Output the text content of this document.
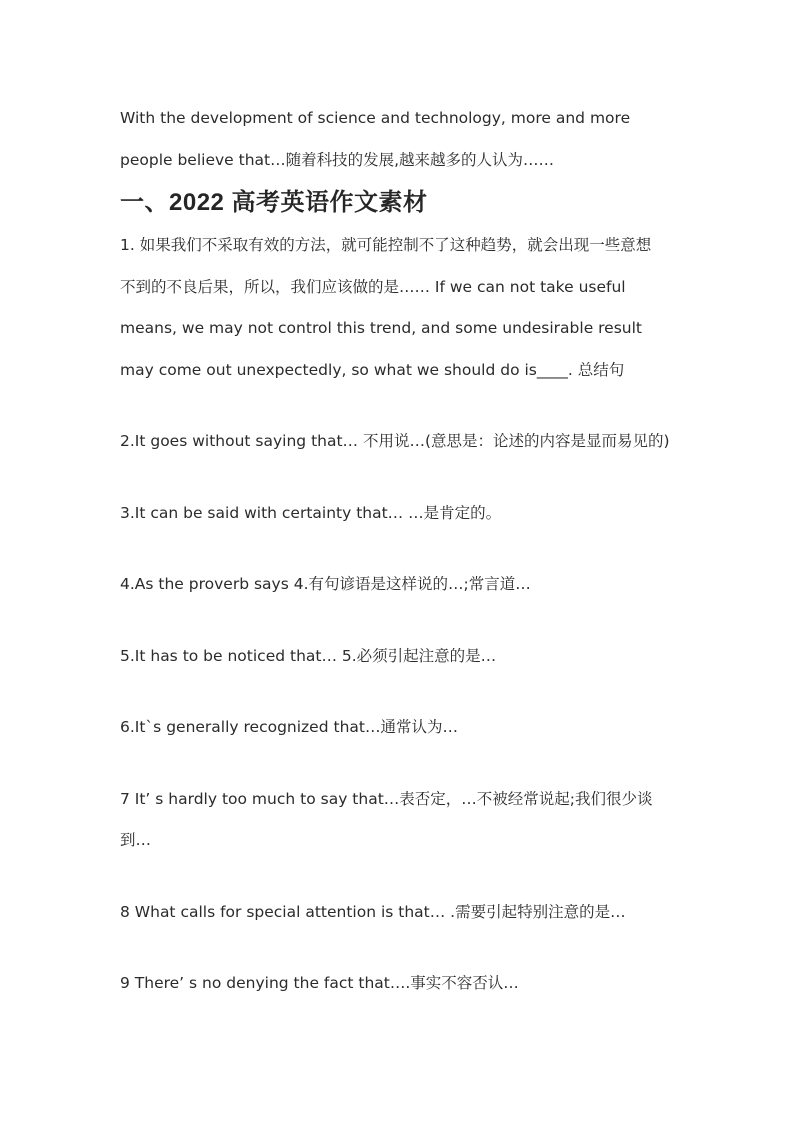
With the development of science and technology, more and more

people believe that…随着科技的发展,越来越多的人认为……

一、2022 高考英语作文素材

1. 如果我们不采取有效的方法，就可能控制不了这种趋势，就会出现一些意想

不到的不良后果，所以，我们应该做的是…… If we can not take useful

means, we may not control this trend, and some undesirable result

may come out unexpectedly, so what we should do is____. 总结句

2.It goes without saying that… 不用说…(意思是：论述的内容是显而易见的)

3.It can be said with certainty that… …是肯定的。

4.As the proverb says 4.有句谚语是这样说的…;常言道…

5.It has to be noticed that… 5.必须引起注意的是…

6.It`s generally recognized that…通常认为…

7 It’ s hardly too much to say that…表否定，…不被经常说起;我们很少谈

到…

8 What calls for special attention is that… .需要引起特别注意的是…

9 There’ s no denying the fact that….事实不容否认…
